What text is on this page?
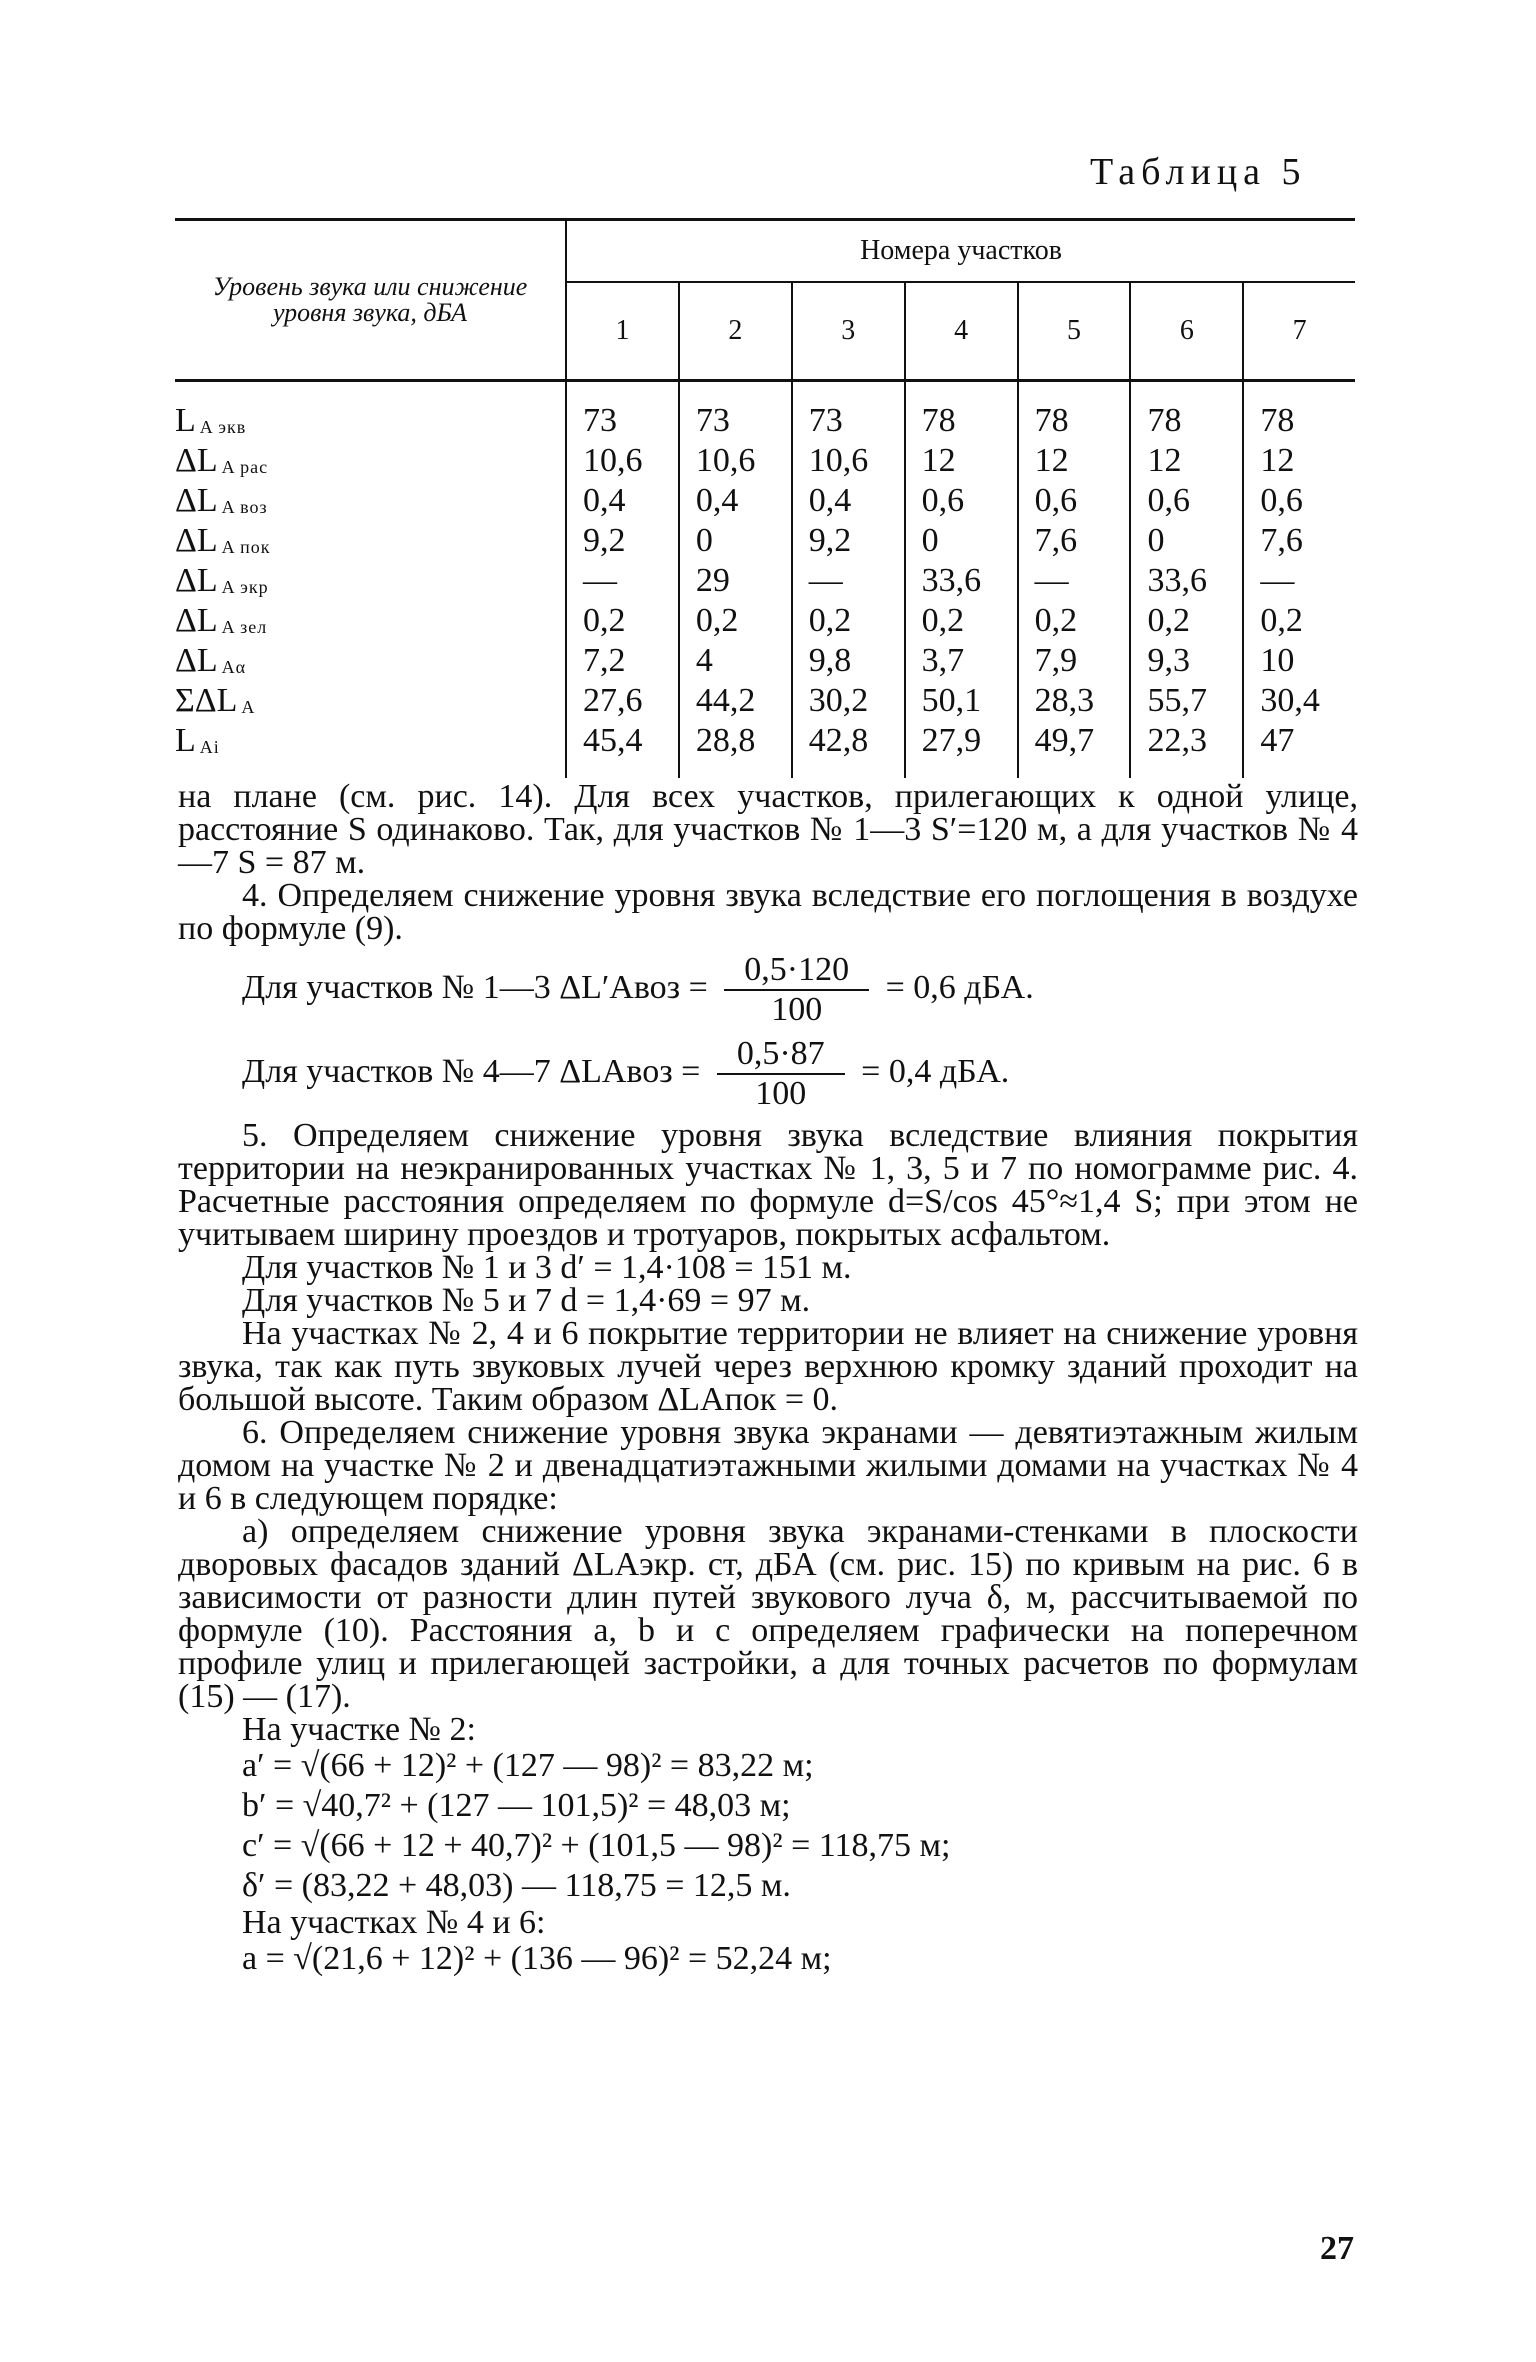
Таблица 5
Уровень звука или снижение уровня звука, дБА	Номера участков						
	1	2	3	4	5	6	7
L A экв	73	73	73	78	78	78	78
ΔL A рас	10,6	10,6	10,6	12	12	12	12
ΔL A воз	0,4	0,4	0,4	0,6	0,6	0,6	0,6
ΔL A пок	9,2	0	9,2	0	7,6	0	7,6
ΔL A экр	—	29	—	33,6	—	33,6	—
ΔL A зел	0,2	0,2	0,2	0,2	0,2	0,2	0,2
ΔL Aα	7,2	4	9,8	3,7	7,9	9,3	10
ΣΔL A	27,6	44,2	30,2	50,1	28,3	55,7	30,4
L Ai	45,4	28,8	42,8	27,9	49,7	22,3	47

на плане (см. рис. 14). Для всех участков, прилегающих к одной улице, расстояние S одинаково. Так, для участков № 1—3 S′=120 м, а для участков № 4—7 S = 87 м.

4. Определяем снижение уровня звука вследствие его поглощения в воздухе по формуле (9).

Для участков № 1—3 ΔL′Aвоз = $\frac{0,5\cdot 120}{100} = 0,6$ дБА.
Для участков № 4—7 ΔLAвоз = $\frac{0,5\cdot 87}{100} = 0,4$ дБА.

5. Определяем снижение уровня звука вследствие влияния покрытия территории на неэкранированных участках № 1, 3, 5 и 7 по номограмме рис. 4. Расчетные расстояния определяем по формуле d=S/cos 45°≈1,4 S; при этом не учитываем ширину проездов и тротуаров, покрытых асфальтом.

Для участков № 1 и 3 d′ = 1,4·108 = 151 м.

Для участков № 5 и 7 d = 1,4·69 = 97 м.

На участках № 2, 4 и 6 покрытие территории не влияет на снижение уровня звука, так как путь звуковых лучей через верхнюю кромку зданий проходит на большой высоте. Таким образом ΔLAпок = 0.

6. Определяем снижение уровня звука экранами — девятиэтажным жилым домом на участке № 2 и двенадцатиэтажными жилыми домами на участках № 4 и 6 в следующем порядке:

а) определяем снижение уровня звука экранами-стенками в плоскости дворовых фасадов зданий ΔLAэкр. ст, дБА (см. рис. 15) по кривым на рис. 6 в зависимости от разности длин путей звукового луча δ, м, рассчитываемой по формуле (10). Расстояния a, b и c определяем графически на поперечном профиле улиц и прилегающей застройки, а для точных расчетов по формулам (15) — (17).

На участке № 2:

a′ = √(66 + 12)² + (127 — 98)² = 83,22 м;
b′ = √40,7² + (127 — 101,5)² = 48,03 м;
c′ = √(66 + 12 + 40,7)² + (101,5 — 98)² = 118,75 м;
δ′ = (83,22 + 48,03) — 118,75 = 12,5 м.

На участках № 4 и 6:

a = √(21,6 + 12)² + (136 — 96)² = 52,24 м;
27
